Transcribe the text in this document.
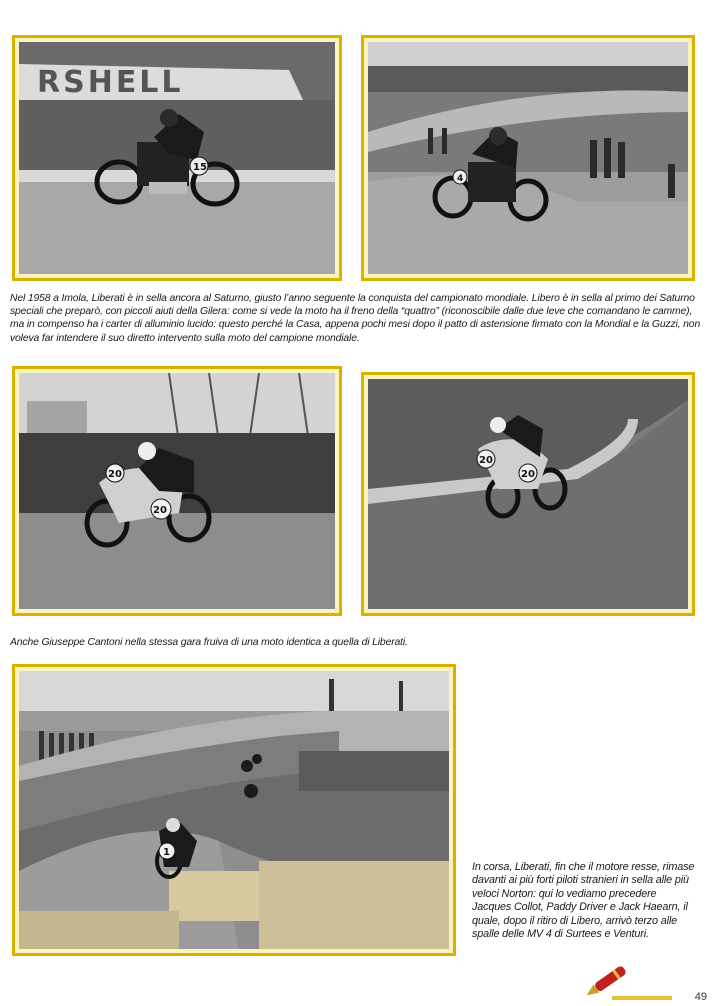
RSHELL
15
4

Nel 1958 a Imola, Liberati è in sella ancora al Saturno, giusto l’anno seguente la conquista del campionato mondiale. Libero è in sella al primo dei Saturno speciali che preparò, con piccoli aiuti della Gilera: come si vede la moto ha il freno della “quattro” (riconoscibile dalle due leve che comandano le camme), ma in compenso ha i carter di alluminio lucido: questo perché la Casa, appena pochi mesi dopo il patto di astensione firmato con la Mondial e la Guzzi, non voleva far intendere il suo diretto intervento sulla moto del campione mondiale.

20
20
20
20

Anche Giuseppe Cantoni nella stessa gara fruiva di una moto identica a quella di Liberati.

1

In corsa, Liberati, fin che il motore resse, rimase davanti ai più forti piloti stranieri in sella alle più veloci Norton: qui lo vediamo precedere Jacques Collot, Paddy Driver e Jack Haearn, il quale, dopo il ritiro di Libero, arrivò terzo alle spalle delle MV 4 di Surtees e Venturi.

49
